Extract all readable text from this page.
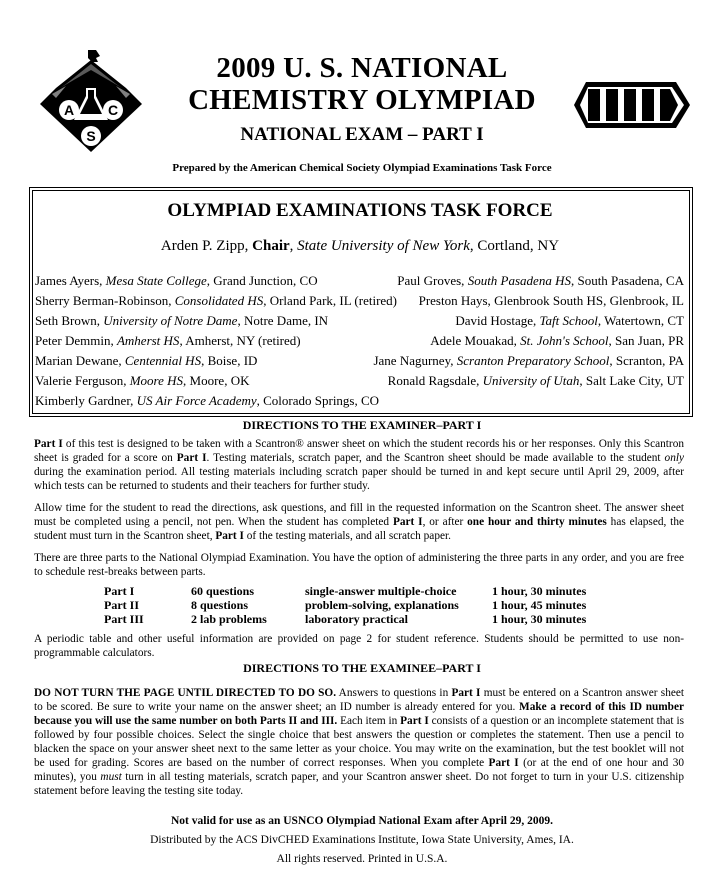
A C
S
2009 U. S. NATIONAL
CHEMISTRY OLYMPIAD
NATIONAL EXAM – PART I
Prepared by the American Chemical Society Olympiad Examinations Task Force
OLYMPIAD EXAMINATIONS TASK FORCE
Arden P. Zipp, Chair, State University of New York, Cortland, NY
James Ayers, Mesa State College, Grand Junction, CO
Sherry Berman-Robinson, Consolidated HS, Orland Park, IL (retired)
Seth Brown, University of Notre Dame, Notre Dame, IN
Peter Demmin, Amherst HS, Amherst, NY (retired)
Marian Dewane, Centennial HS, Boise, ID
Valerie Ferguson, Moore HS, Moore, OK
Kimberly Gardner, US Air Force Academy, Colorado Springs, CO
Paul Groves, South Pasadena HS, South Pasadena, CA
Preston Hays, Glenbrook South HS, Glenbrook, IL
David Hostage, Taft School, Watertown, CT
Adele Mouakad, St. John's School, San Juan, PR
Jane Nagurney, Scranton Preparatory School, Scranton, PA
Ronald Ragsdale, University of Utah, Salt Lake City, UT
DIRECTIONS TO THE EXAMINER–PART I
Part I of this test is designed to be taken with a Scantron® answer sheet on which the student records his or her responses. Only this Scantron sheet is graded for a score on Part I. Testing materials, scratch paper, and the Scantron sheet should be made available to the student only during the examination period. All testing materials including scratch paper should be turned in and kept secure until April 29, 2009, after which tests can be returned to students and their teachers for further study.
Allow time for the student to read the directions, ask questions, and fill in the requested information on the Scantron sheet. The answer sheet must be completed using a pencil, not pen. When the student has completed Part I, or after one hour and thirty minutes has elapsed, the student must turn in the Scantron sheet, Part I of the testing materials, and all scratch paper.
There are three parts to the National Olympiad Examination. You have the option of administering the three parts in any order, and you are free to schedule rest-breaks between parts.
Part I	60 questions	single-answer multiple-choice	1 hour, 30 minutes
Part II	8 questions	problem-solving, explanations	1 hour, 45 minutes
Part III	2 lab problems	laboratory practical	1 hour, 30 minutes
A periodic table and other useful information are provided on page 2 for student reference. Students should be permitted to use non-programmable calculators.
DIRECTIONS TO THE EXAMINEE–PART I
DO NOT TURN THE PAGE UNTIL DIRECTED TO DO SO. Answers to questions in Part I must be entered on a Scantron answer sheet to be scored. Be sure to write your name on the answer sheet; an ID number is already entered for you. Make a record of this ID number because you will use the same number on both Parts II and III. Each item in Part I consists of a question or an incomplete statement that is followed by four possible choices. Select the single choice that best answers the question or completes the statement. Then use a pencil to blacken the space on your answer sheet next to the same letter as your choice. You may write on the examination, but the test booklet will not be used for grading. Scores are based on the number of correct responses. When you complete Part I (or at the end of one hour and 30 minutes), you must turn in all testing materials, scratch paper, and your Scantron answer sheet. Do not forget to turn in your U.S. citizenship statement before leaving the testing site today.
Not valid for use as an USNCO Olympiad National Exam after April 29, 2009.
Distributed by the ACS DivCHED Examinations Institute, Iowa State University, Ames, IA.
All rights reserved. Printed in U.S.A.
